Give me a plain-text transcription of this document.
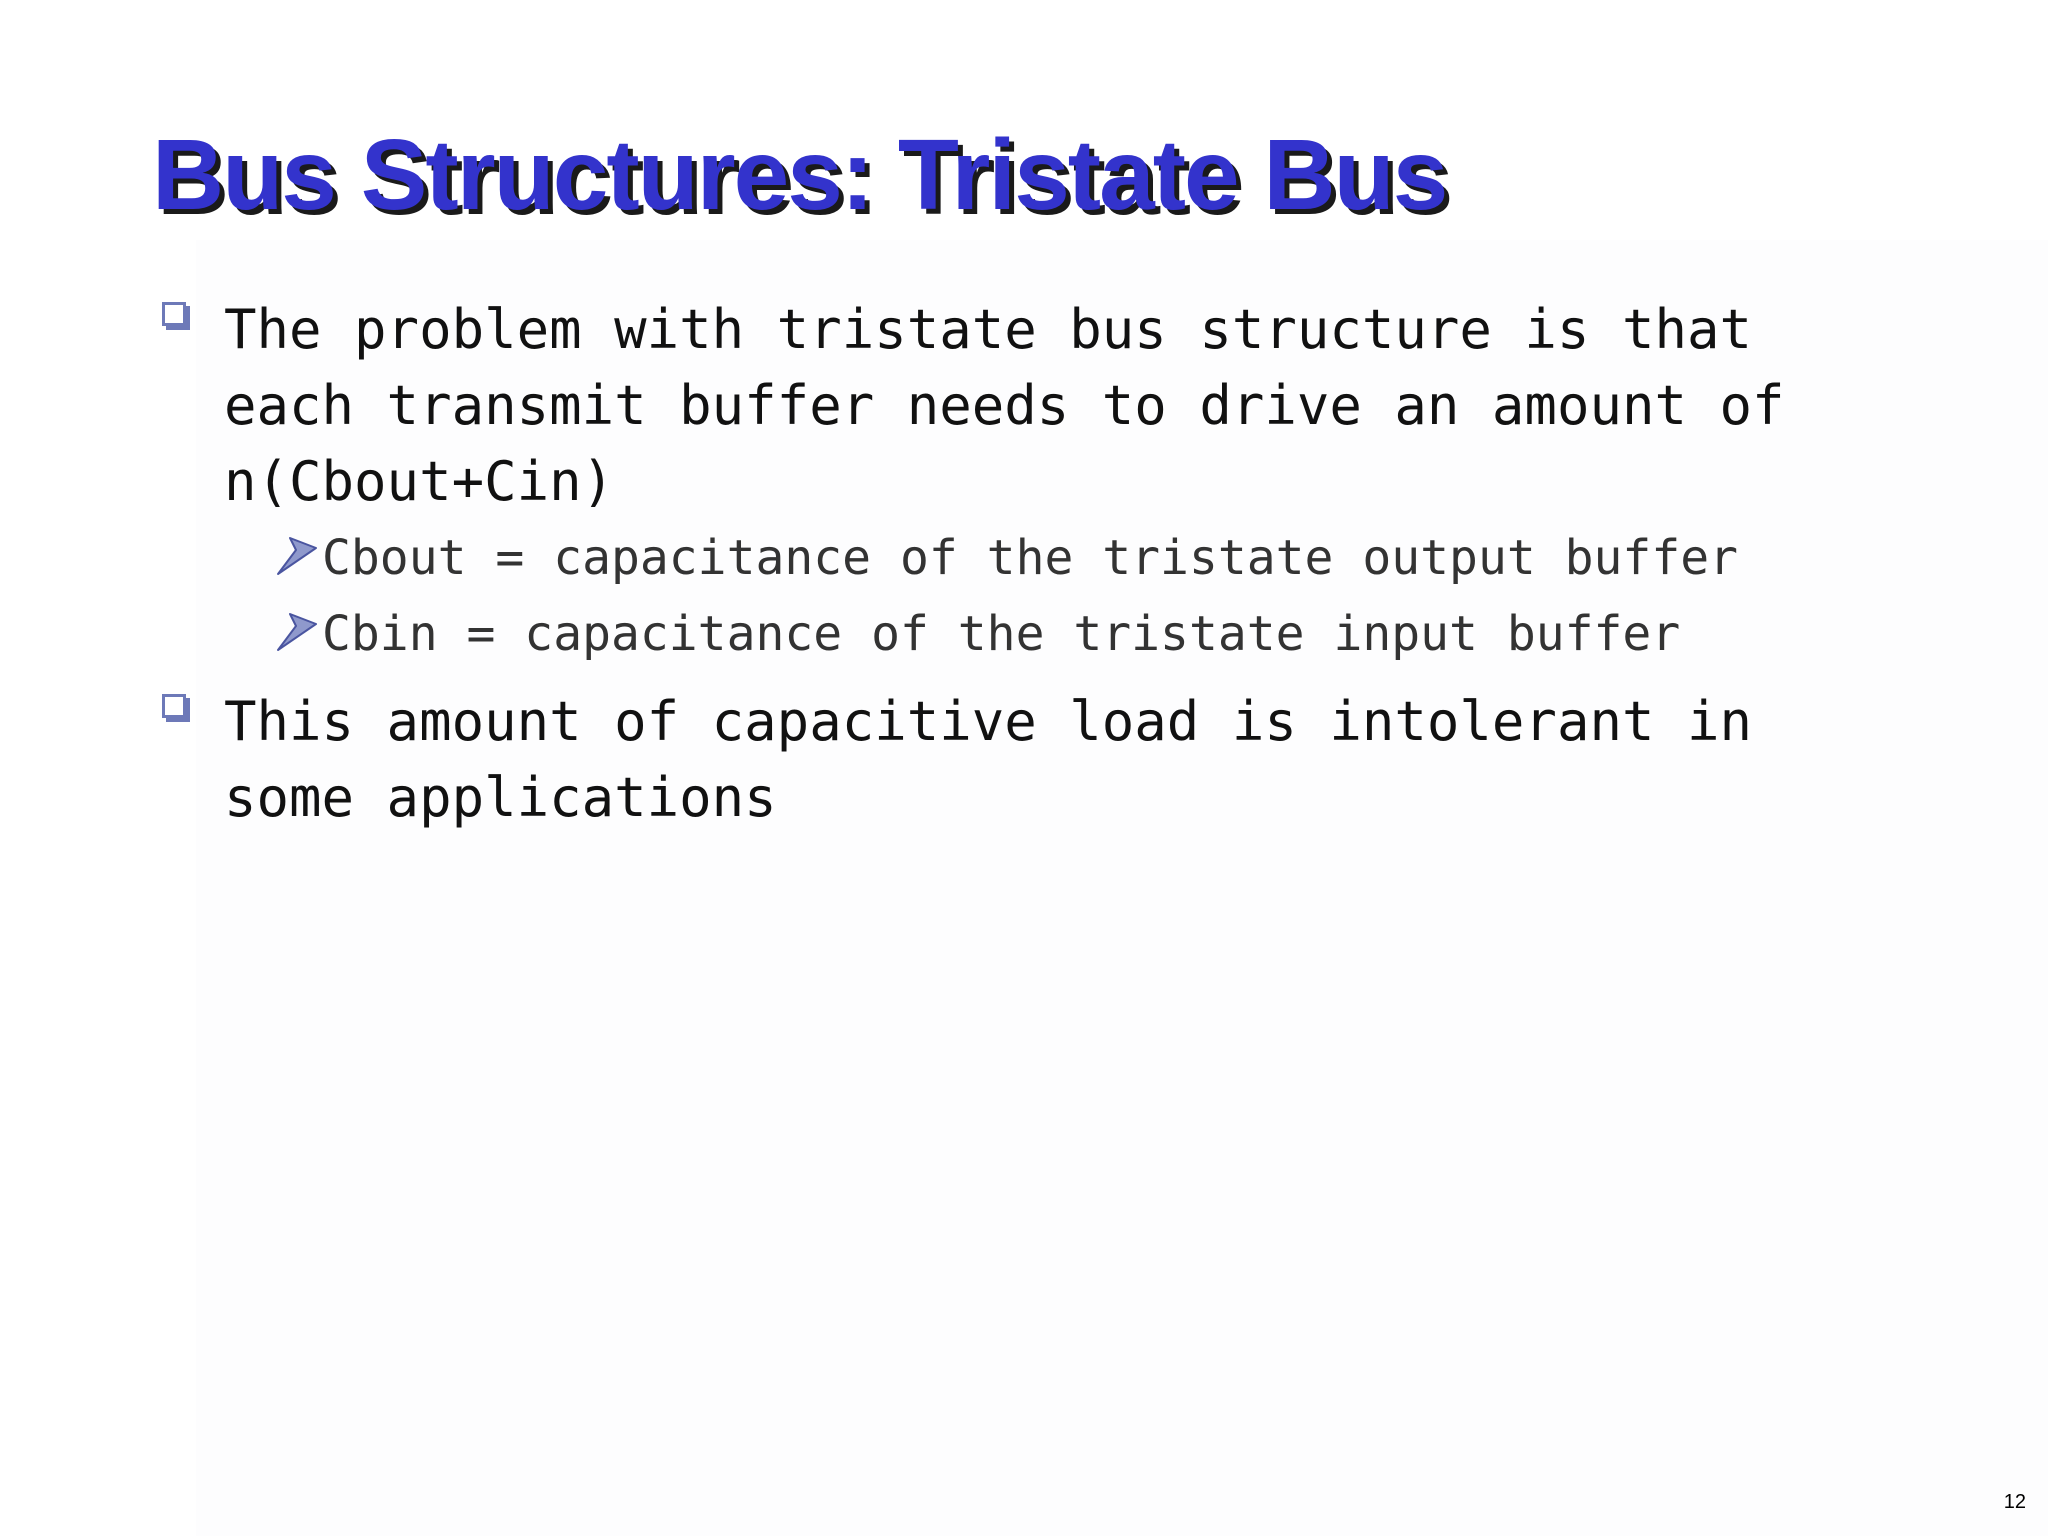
Bus Structures: Tristate Bus
The problem with tristate bus structure is that
each transmit buffer needs to drive an amount of
n(Cbout+Cin)
Cbout = capacitance of the tristate output buffer
Cbin = capacitance of the tristate input buffer
This amount of capacitive load is intolerant in
some applications
12
